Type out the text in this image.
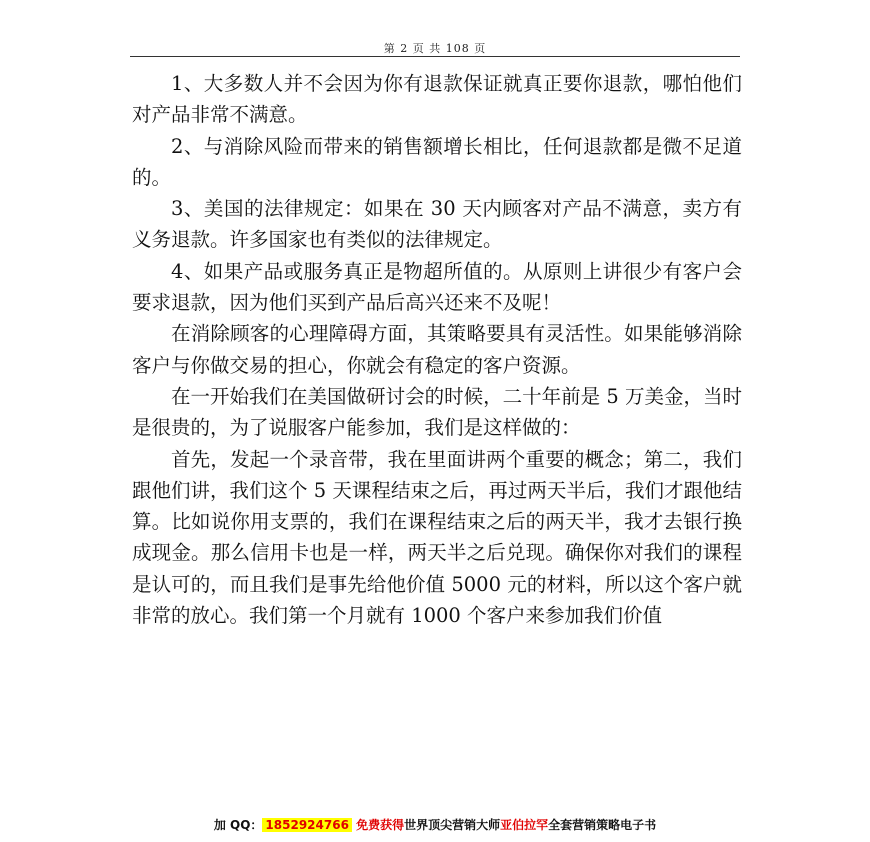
第 2 页 共 108 页

1、大多数人并不会因为你有退款保证就真正要你退款，哪怕他们对产品非常不满意。

2、与消除风险而带来的销售额增长相比，任何退款都是微不足道的。

3、美国的法律规定：如果在 30 天内顾客对产品不满意，卖方有义务退款。许多国家也有类似的法律规定。

4、如果产品或服务真正是物超所值的。从原则上讲很少有客户会要求退款，因为他们买到产品后高兴还来不及呢！

在消除顾客的心理障碍方面，其策略要具有灵活性。如果能够消除客户与你做交易的担心，你就会有稳定的客户资源。

在一开始我们在美国做研讨会的时候，二十年前是 5 万美金，当时是很贵的，为了说服客户能参加，我们是这样做的：

首先，发起一个录音带，我在里面讲两个重要的概念；第二，我们跟他们讲，我们这个 5 天课程结束之后，再过两天半后，我们才跟他结算。比如说你用支票的，我们在课程结束之后的两天半，我才去银行换成现金。那么信用卡也是一样，两天半之后兑现。确保你对我们的课程是认可的，而且我们是事先给他价值 5000 元的材料，所以这个客户就非常的放心。我们第一个月就有 1000 个客户来参加我们价值

加 QQ： 1852924766 免费获得世界顶尖营销大师亚伯拉罕全套营销策略电子书
